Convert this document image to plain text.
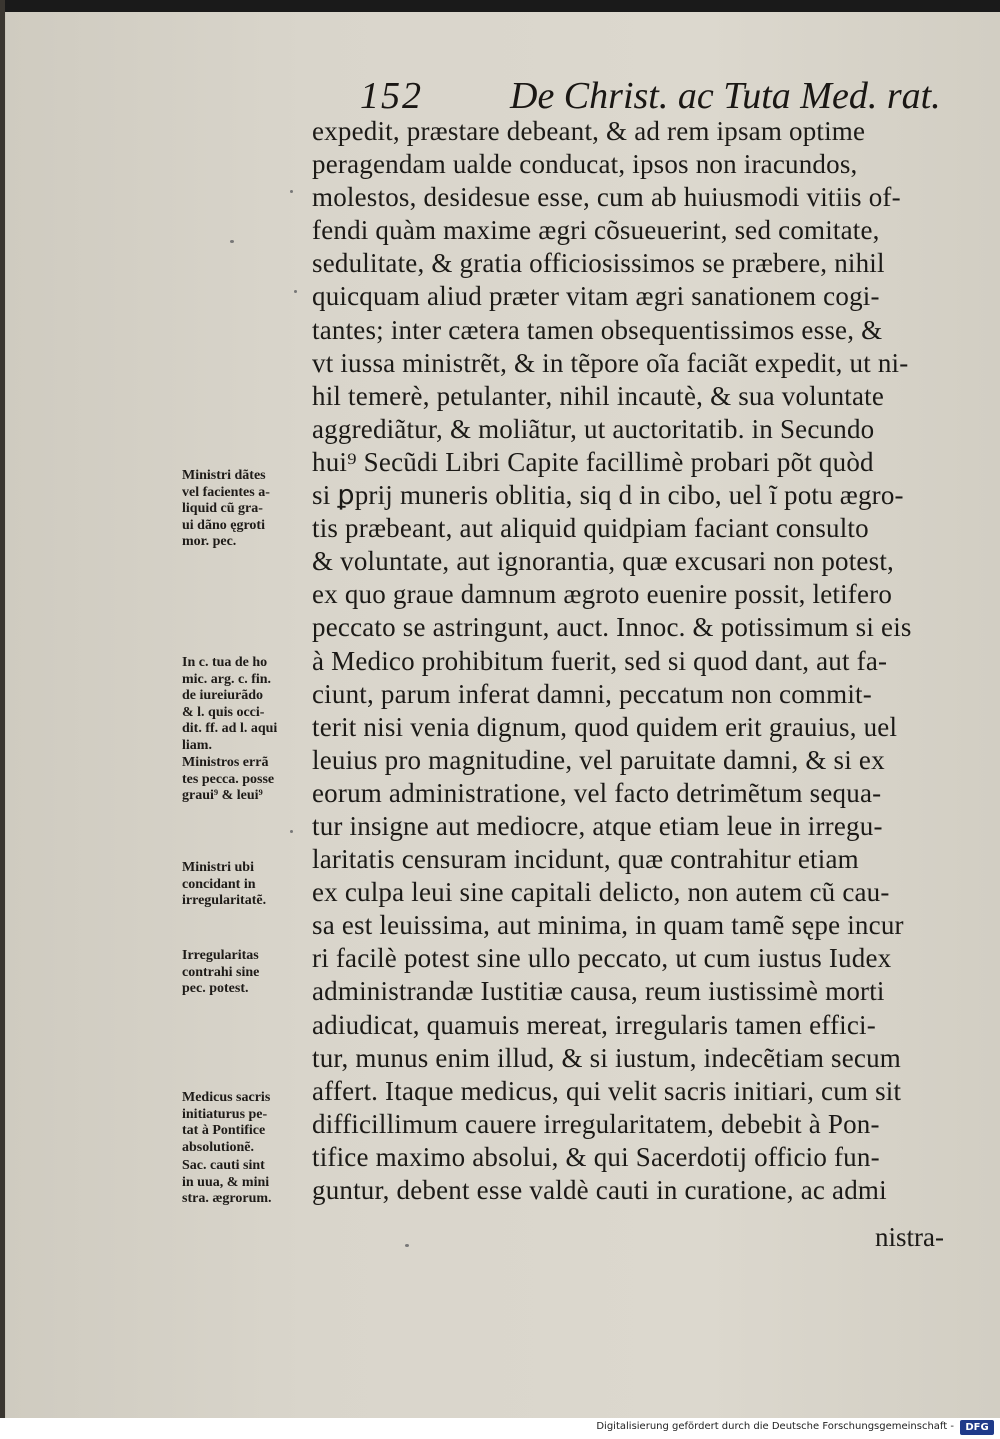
152 De Christ. ac Tuta Med. rat.
expedit, præstare debeant, & ad rem ipsam optime
peragendam ualde conducat, ipsos non iracundos,
molestos, desidesue esse, cum ab huiusmodi vitiis of-
fendi quàm maxime ægri cõsueuerint, sed comitate,
sedulitate, & gratia officiosissimos se præbere, nihil
quicquam aliud præter vitam ægri sanationem cogi-
tantes; inter cætera tamen obsequentissimos esse, &
vt iussa ministrẽt, & in tẽpore oĩa faciãt expedit, ut ni-
hil temerè, petulanter, nihil incautè, & sua voluntate
aggrediãtur, & moliãtur, ut auctoritatib. in Secundo
hui⁹ Secũdi Libri Capite facillimè probari põt quòd
si ꝑprij muneris oblitia, siq d in cibo, uel ĩ potu ægro-
tis præbeant, aut aliquid quidpiam faciant consulto
& voluntate, aut ignorantia, quæ excusari non potest,
ex quo graue damnum ægroto euenire possit, letifero
peccato se astringunt, auct. Innoc. & potissimum si eis
à Medico prohibitum fuerit, sed si quod dant, aut fa-
ciunt, parum inferat damni, peccatum non commit-
terit nisi venia dignum, quod quidem erit grauius, uel
leuius pro magnitudine, vel paruitate damni, & si ex
eorum administratione, vel facto detrimẽtum sequa-
tur insigne aut mediocre, atque etiam leue in irregu-
laritatis censuram incidunt, quæ contrahitur etiam
ex culpa leui sine capitali delicto, non autem cũ cau-
sa est leuissima, aut minima, in quam tamẽ sępe incur
ri facilè potest sine ullo peccato, ut cum iustus Iudex
administrandæ Iustitiæ causa, reum iustissimè morti
adiudicat, quamuis mereat, irregularis tamen effici-
tur, munus enim illud, & si iustum, indecẽtiam secum
affert. Itaque medicus, qui velit sacris initiari, cum sit
difficillimum cauere irregularitatem, debebit à Pon-
tifice maximo absolui, & qui Sacerdotij officio fun-
guntur, debent esse valdè cauti in curatione, ac admi
nistra-
Ministri dãtes
vel facientes a-
liquid cũ gra-
ui dãno ęgroti
mor. pec.
In c. tua de ho
mic. arg. c. fin.
de iureiurãdo
& l. quis occi-
dit. ff. ad l. aqui
liam.
Ministros errã
tes pecca. posse
graui⁹ & leui⁹
Ministri ubi
concidant in
irregularitatẽ.
Irregularitas
contrahi sine
pec. potest.
Medicus sacris
initiaturus pe-
tat à Pontifice
absolutionẽ.
Sac. cauti sint
in uua, & mini
stra. ægrorum.
Digitalisierung gefördert durch die Deutsche Forschungsgemeinschaft -	DFG
